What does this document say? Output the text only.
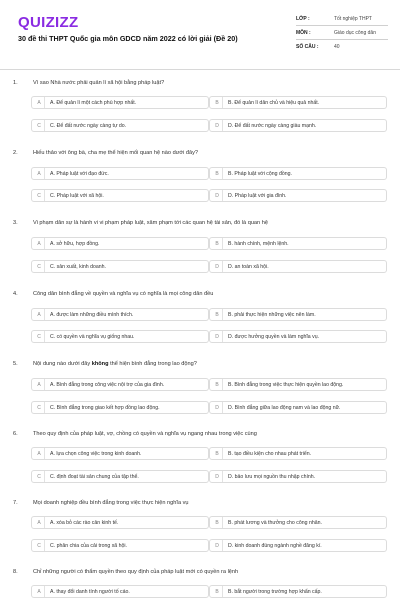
QUIZIZZ
30 đề thi THPT Quốc gia môn GDCD năm 2022 có lời giải (Đề 20)
LỚP :	Tốt nghiệp THPT
MÔN :	Giáo dục công dân
SỐ CÂU :	40
1.	Vì sao Nhà nước phải quản lí xã hội bằng pháp luật?
A	A. Để quản lí một cách phù hợp nhất.	B	B. Để quản lí dân chủ và hiệu quả nhất.
C	C. Để đất nước ngày càng tự do.	D	D. Để đất nước ngày càng giàu mạnh.
2.	Hiếu thảo với ông bà, cha mẹ thể hiện mối quan hệ nào dưới đây?
A	A. Pháp luật với đạo đức.	B	B. Pháp luật với cộng đồng.
C	C. Pháp luật với xã hội.	D	D. Pháp luật với gia đình.
3.	Vi phạm dân sự là hành vi vi phạm pháp luật, xâm phạm tới các quan hệ tài sản, đó là quan hệ
A	A. sở hữu, hợp đồng.	B	B. hành chính, mệnh lệnh.
C	C. sản xuất, kinh doanh.	D	D. an toàn xã hội.
4.	Công dân bình đẳng về quyền và nghĩa vụ có nghĩa là mọi công dân đều
A	A. được làm những điều mình thích.	B	B. phải thực hiện những việc nên làm.
C	C. có quyền và nghĩa vụ giống nhau.	D	D. được hưởng quyền và làm nghĩa vụ.
5.	Nội dung nào dưới đây không thể hiện bình đẳng trong lao động?
A	A. Bình đẳng trong công việc nội trợ của gia đình.	B	B. Bình đẳng trong việc thực hiện quyền lao động.
C	C. Bình đẳng trong giao kết hợp đồng lao động.	D	D. Bình đẳng giữa lao động nam và lao động nữ.
6.	Theo quy định của pháp luật, vợ, chồng có quyền và nghĩa vụ ngang nhau trong việc cùng
A	A. lựa chọn công việc trong kinh doanh.	B	B. tạo điều kiện cho nhau phát triển.
C	C. định đoạt tài sản chung của tập thể.	D	D. bảo lưu mọi nguồn thu nhập chính.
7.	Mọi doanh nghiệp đều bình đẳng trong việc thực hiện nghĩa vụ
A	A. xóa bỏ các rào cản kinh tế.	B	B. phát lương và thưởng cho công nhân.
C	C. phân chia của cải trong xã hội.	D	D. kinh doanh đúng ngành nghề đăng kí.
8.	Chỉ những người có thẩm quyền theo quy định của pháp luật mới có quyền ra lệnh
A	A. thay đổi danh tính người tố cáo.	B	B. bắt người trong trường hợp khẩn cấp.
